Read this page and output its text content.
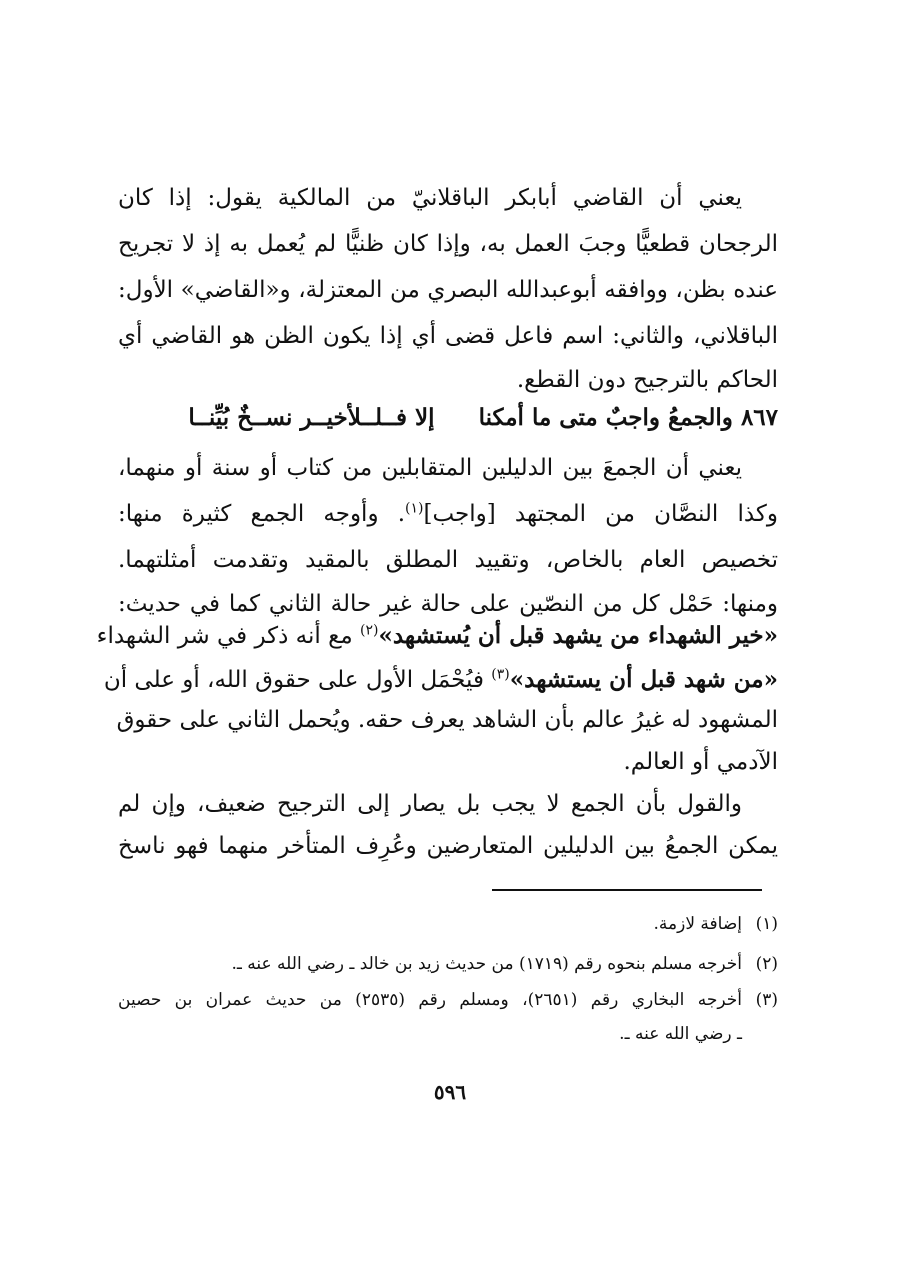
يعني أن القاضي أبابكر الباقلانيّ من المالكية يقول: إذا كان
الرجحان قطعيًّا وجبَ العمل به، وإذا كان ظنيًّا لم يُعمل به إذ لا تجريح
عنده بظن، ووافقه أبوعبدالله البصري من المعتزلة، و«القاضي» الأول:
الباقلاني، والثاني: اسم فاعل قضى أي إذا يكون الظن هو القاضي أي
الحاكم بالترجيح دون القطع.
٨٦٧ والجمعُ واجبٌ متى ما أمكنا  إلا فــلــلأخيــر نســخٌ بُيِّنــا
يعني أن الجمعَ بين الدليلين المتقابلين من كتاب أو سنة أو منهما،
وكذا النصَّان من المجتهد [واجب]$^{(١)}$. وأوجه الجمع كثيرة منها:
تخصيص العام بالخاص، وتقييد المطلق بالمقيد وتقدمت أمثلتهما.
ومنها: حَمْل كل من النصّين على حالة غير حالة الثاني كما في حديث:
«خير الشهداء من يشهد قبل أن يُستشهد»$^{(٢)}$ مع أنه ذكر في شر الشهداء
«من شهد قبل أن يستشهد»$^{(٣)}$ فيُحْمَل الأول على حقوق الله، أو على أن
المشهود له غيرُ عالم بأن الشاهد يعرف حقه. ويُحمل الثاني على حقوق
الآدمي أو العالم.
والقول بأن الجمع لا يجب بل يصار إلى الترجيح ضعيف، وإن لم
يمكن الجمعُ بين الدليلين المتعارضين وعُرِف المتأخر منهما فهو ناسخ
(١)
إضافة لازمة.
(٢)
أخرجه مسلم بنحوه رقم (١٧١٩) من حديث زيد بن خالد ـ رضي الله عنه ـ.
(٣)
أخرجه البخاري رقم (٢٦٥١)، ومسلم رقم (٢٥٣٥) من حديث عمران بن حصين
ـ رضي الله عنه ـ.
٥٩٦
